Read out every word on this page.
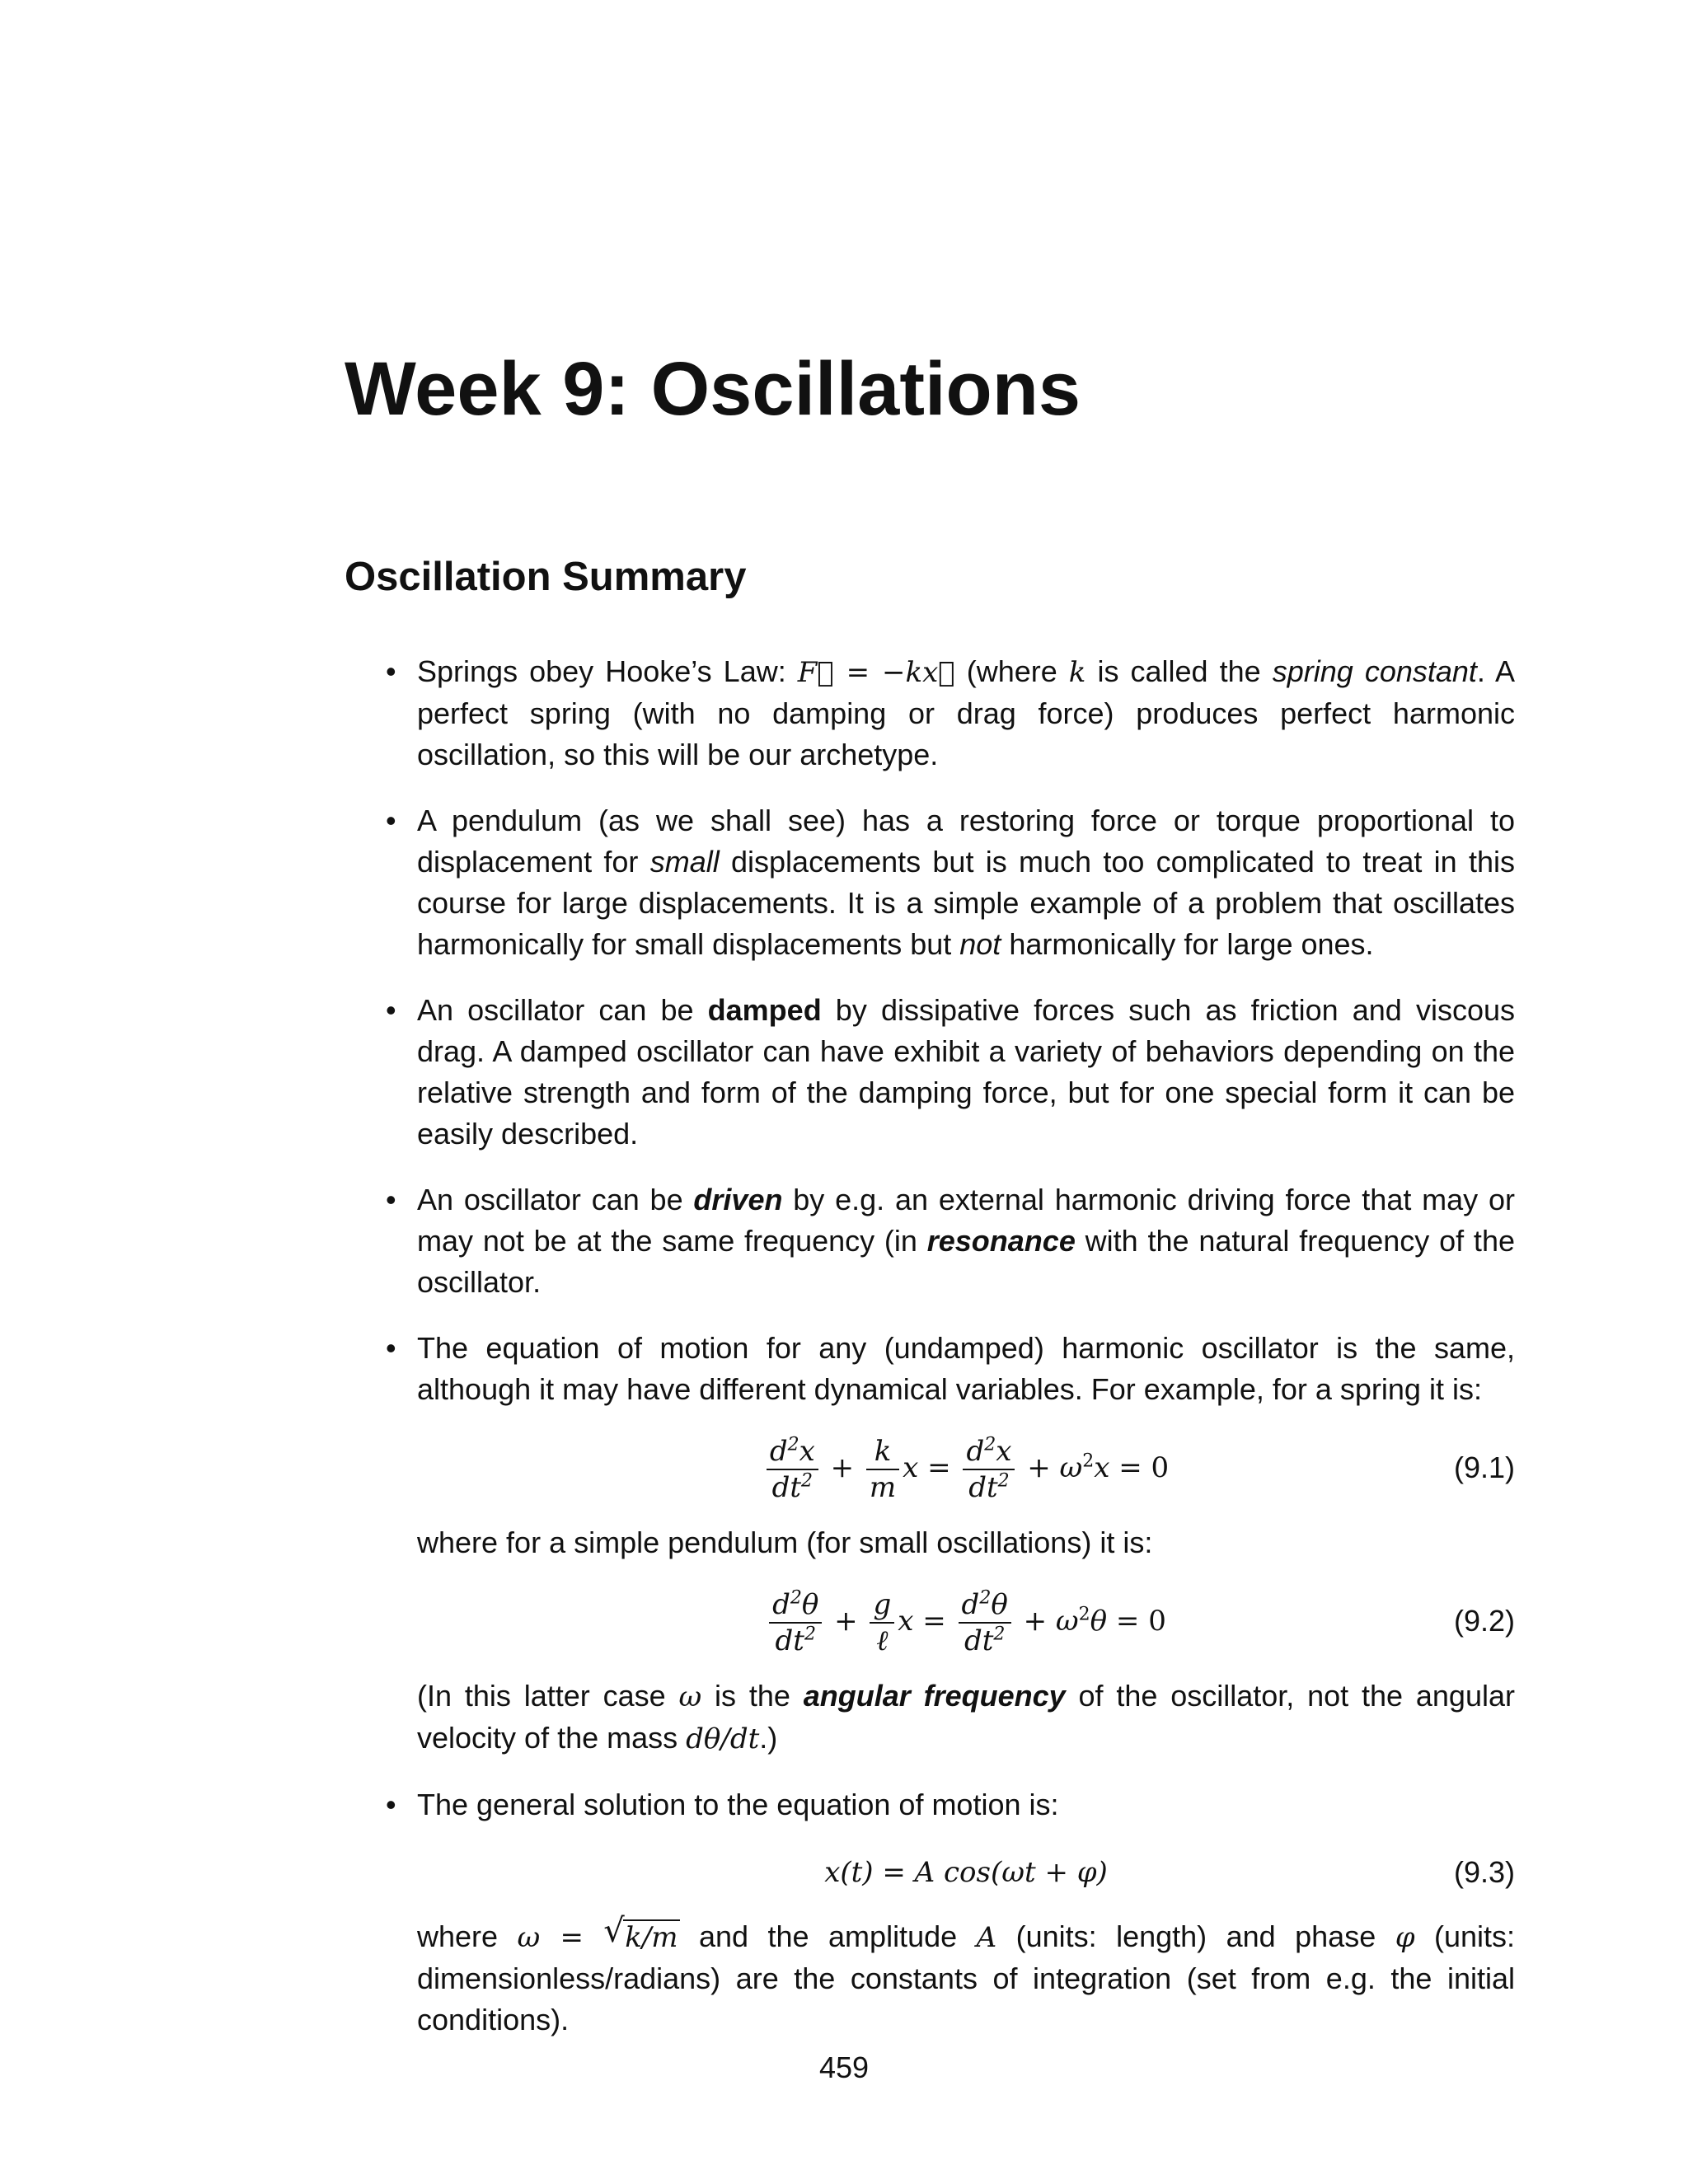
Week 9: Oscillations
Oscillation Summary
• Springs obey Hooke’s Law: F⃗ = −kx⃗ (where k is called the spring constant. A perfect spring (with no damping or drag force) produces perfect harmonic oscillation, so this will be our archetype.
• A pendulum (as we shall see) has a restoring force or torque proportional to displacement for small displacements but is much too complicated to treat in this course for large displacements. It is a simple example of a problem that oscillates harmonically for small displacements but not harmonically for large ones.
• An oscillator can be damped by dissipative forces such as friction and viscous drag. A damped oscillator can have exhibit a variety of behaviors depending on the relative strength and form of the damping force, but for one special form it can be easily described.
• An oscillator can be driven by e.g. an external harmonic driving force that may or may not be at the same frequency (in resonance with the natural frequency of the oscillator.
• The equation of motion for any (undamped) harmonic oscillator is the same, although it may have different dynamical variables. For example, for a spring it is:
$\frac{d^2x}{dt^2} + \frac{k}{m}$ $x = \frac{d^2x}{dt^2} + \omega^2x = 0$	(9.1)
where for a simple pendulum (for small oscillations) it is:
$\frac{d^2\theta}{dt^2} + \frac{g}{\text{ℓ}}$ $x = \frac{d^2\theta}{dt^2} + \omega^2\theta = 0$	(9.2)
(In this latter case ω is the angular frequency of the oscillator, not the angular velocity of the mass dθ/dt.)
• The general solution to the equation of motion is:
x(t) = A cos(ωt + φ)	(9.3)
where ω = √ k/m and the amplitude A (units: length) and phase φ (units: dimensionless/radians) are the constants of integration (set from e.g. the initial conditions).
459
